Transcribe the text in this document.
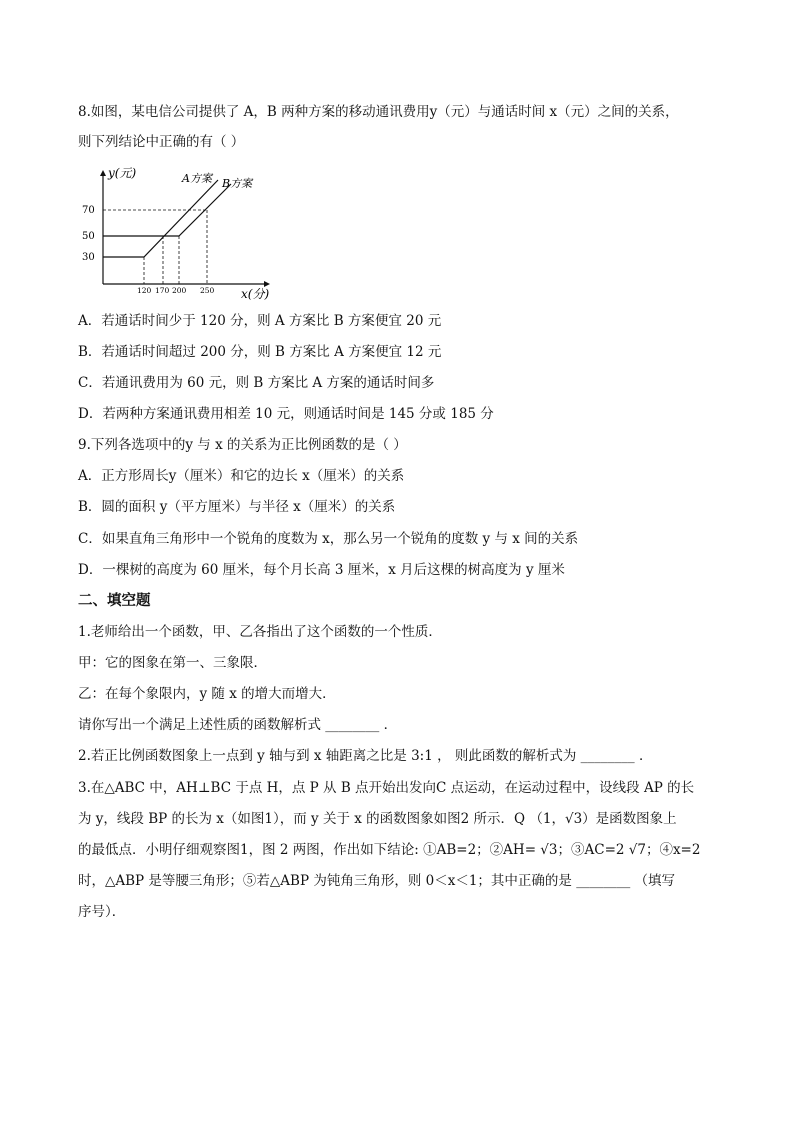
8.如图，某电信公司提供了 A，B 两种方案的移动通讯费用y（元）与通话时间 x（元）之间的关系，
则下列结论中正确的有（ ）
y(元)
x(分)
A方案 B方案
70
50
30
120 170 200 250
A．若通话时间少于 120 分，则 A 方案比 B 方案便宜 20 元
B．若通话时间超过 200 分，则 B 方案比 A 方案便宜 12 元
C．若通讯费用为 60 元，则 B 方案比 A 方案的通话时间多
D．若两种方案通讯费用相差 10 元，则通话时间是 145 分或 185 分
9.下列各选项中的y 与 x 的关系为正比例函数的是（ ）
A．正方形周长y（厘米）和它的边长 x（厘米）的关系
B．圆的面积 y（平方厘米）与半径 x（厘米）的关系
C．如果直角三角形中一个锐角的度数为 x，那么另一个锐角的度数 y 与 x 间的关系
D．一棵树的高度为 60 厘米，每个月长高 3 厘米，x 月后这棵的树高度为 y 厘米
二、填空题
1.老师给出一个函数，甲、乙各指出了这个函数的一个性质．
甲：它的图象在第一、三象限．
乙：在每个象限内，y 随 x 的增大而增大．
请你写出一个满足上述性质的函数解析式 ________ ．
2.若正比例函数图象上一点到 y 轴与到 x 轴距离之比是 3:1 ， 则此函数的解析式为 ________ ．
3.在△ABC 中，AH⊥BC 于点 H，点 P 从 B 点开始出发向C 点运动，在运动过程中，设线段 AP 的长
为 y，线段 BP 的长为 x（如图1），而 y 关于 x 的函数图象如图2 所示．Q （1，√3）是函数图象上
的最低点．小明仔细观察图1，图 2 两图，作出如下结论: ①AB=2；②AH= √3；③AC=2 √7；④x=2
时，△ABP 是等腰三角形；⑤若△ABP 为钝角三角形，则 0＜x＜1；其中正确的是 ________ （填写
序号）．
